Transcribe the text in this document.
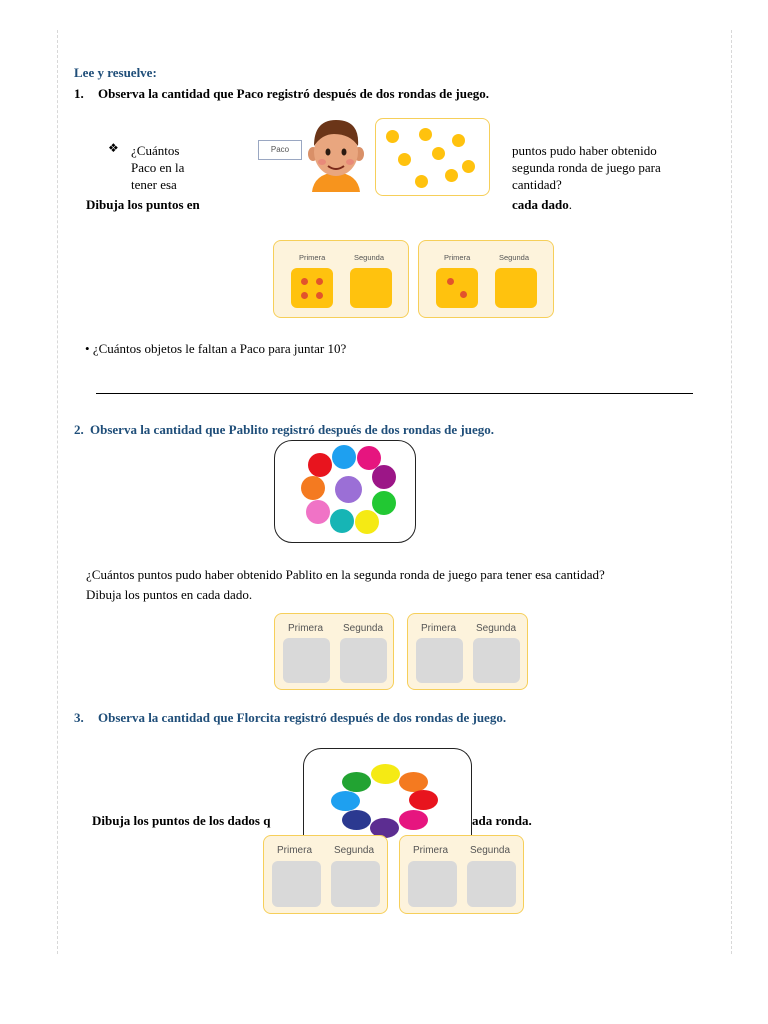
Lee y resuelve:
1. Observa la cantidad que Paco registró después de dos rondas de juego.
❖ ¿Cuántos
Paco en la
tener esa
Paco	puntos pudo haber obtenido
segunda ronda de juego para
cantidad?
Dibuja los puntos en	cada dado.
Primera	Segunda	Primera	Segunda
• ¿Cuántos objetos le faltan a Paco para juntar 10?
2. Observa la cantidad que Pablito registró después de dos rondas de juego.
¿Cuántos puntos pudo haber obtenido Pablito en la segunda ronda de juego para tener esa cantidad?
Dibuja los puntos en cada dado.
Primera Segunda	Primera Segunda
3. Observa la cantidad que Florcita registró después de dos rondas de juego.
Dibuja los puntos de los dados q	ada ronda.
Primera Segunda	Primera Segunda
